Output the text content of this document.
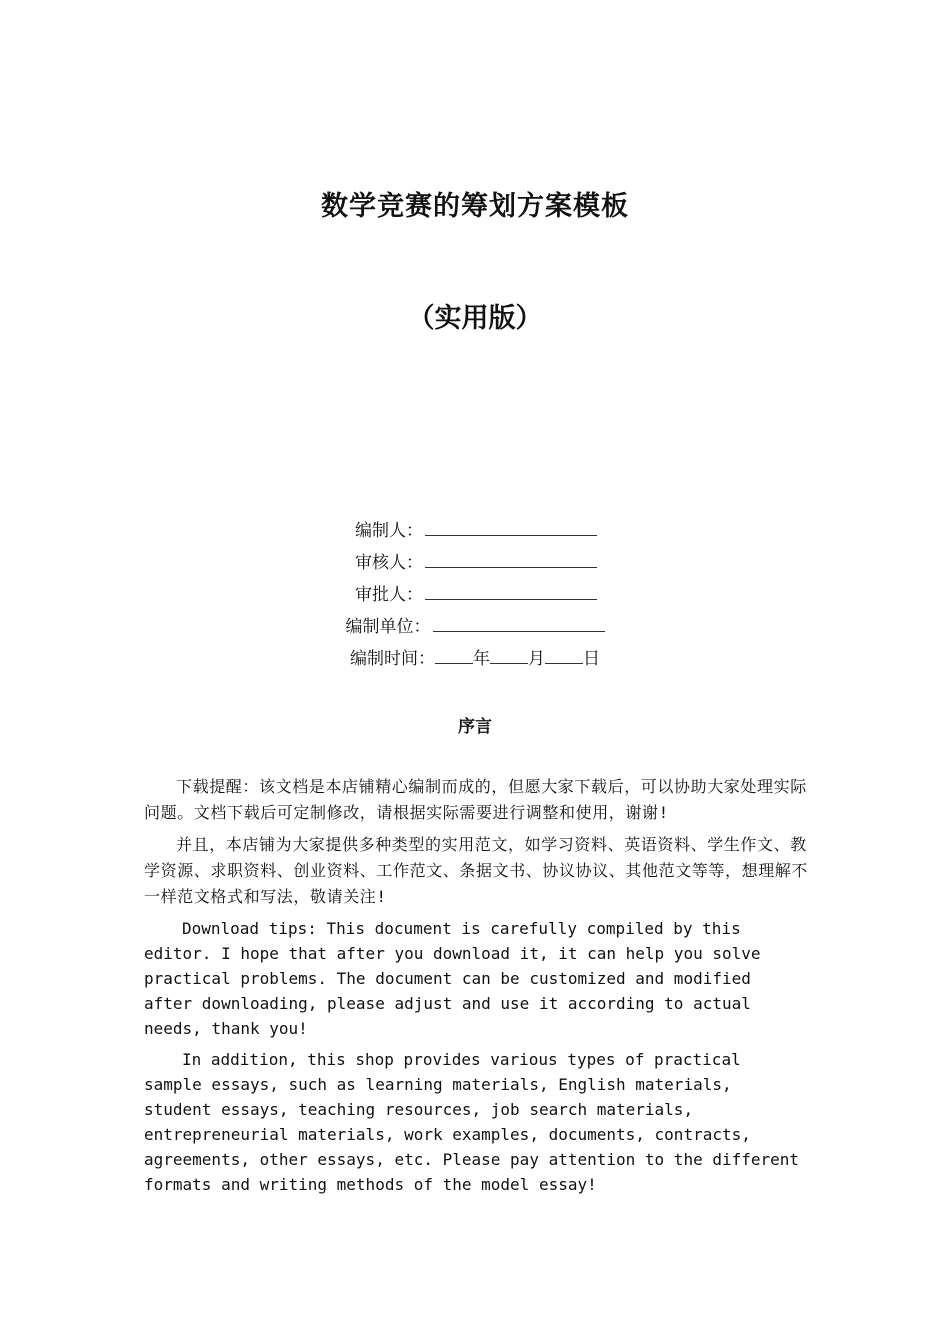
数学竞赛的筹划方案模板
（实用版）
编制人：
审核人：
审批人：
编制单位：
编制时间： 年 月 日
序言

下载提醒：该文档是本店铺精心编制而成的，但愿大家下载后，可以协助大家处理实际问题。文档下载后可定制修改，请根据实际需要进行调整和使用，谢谢!

并且，本店铺为大家提供多种类型的实用范文，如学习资料、英语资料、学生作文、教学资源、求职资料、创业资料、工作范文、条据文书、协议协议、其他范文等等，想理解不一样范文格式和写法，敬请关注!

Download tips: This document is carefully compiled by this editor. I hope that after you download it, it can help you solve practical problems. The document can be customized and modified after downloading, please adjust and use it according to actual needs, thank you!

In addition, this shop provides various types of practical sample essays, such as learning materials, English materials, student essays, teaching resources, job search materials, entrepreneurial materials, work examples, documents, contracts, agreements, other essays, etc. Please pay attention to the different formats and writing methods of the model essay!
